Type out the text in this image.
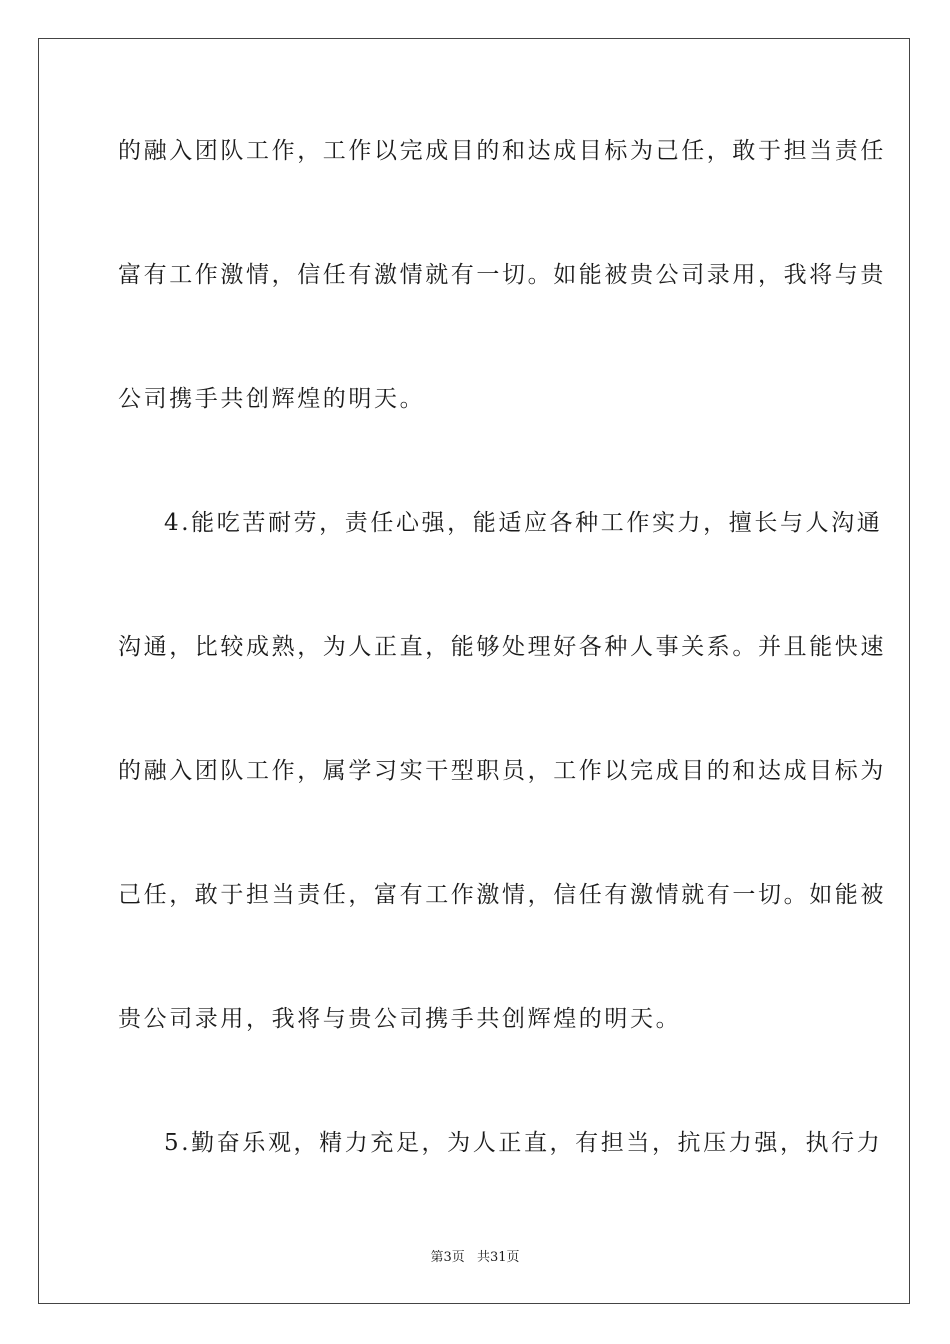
的融入团队工作，工作以完成目的和达成目标为己任，敢于担当责任
富有工作激情，信任有激情就有一切。如能被贵公司录用，我将与贵
公司携手共创辉煌的明天。
4.能吃苦耐劳，责任心强，能适应各种工作实力，擅长与人沟通
沟通，比较成熟，为人正直，能够处理好各种人事关系。并且能快速
的融入团队工作，属学习实干型职员，工作以完成目的和达成目标为
己任，敢于担当责任，富有工作激情，信任有激情就有一切。如能被
贵公司录用，我将与贵公司携手共创辉煌的明天。
5.勤奋乐观，精力充足，为人正直，有担当，抗压力强，执行力
第3页 共31页
